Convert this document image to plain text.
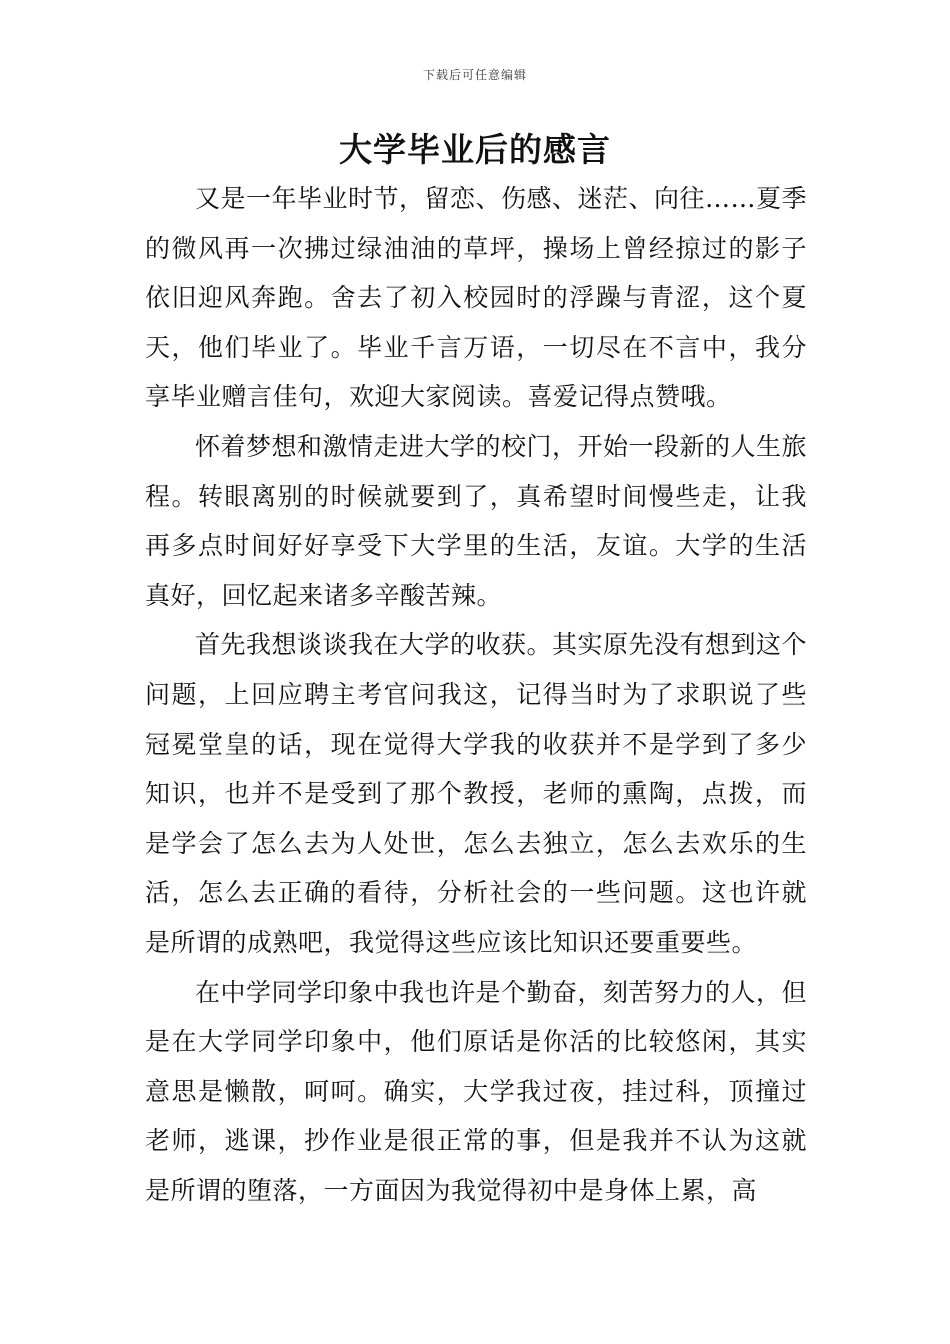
下载后可任意编辑
大学毕业后的感言

又是一年毕业时节，留恋、伤感、迷茫、向往……夏季的微风再一次拂过绿油油的草坪，操场上曾经掠过的影子依旧迎风奔跑。舍去了初入校园时的浮躁与青涩，这个夏天，他们毕业了。毕业千言万语，一切尽在不言中，我分享毕业赠言佳句，欢迎大家阅读。喜爱记得点赞哦。

怀着梦想和激情走进大学的校门，开始一段新的人生旅程。转眼离别的时候就要到了，真希望时间慢些走，让我再多点时间好好享受下大学里的生活，友谊。大学的生活真好，回忆起来诸多辛酸苦辣。

首先我想谈谈我在大学的收获。其实原先没有想到这个问题，上回应聘主考官问我这，记得当时为了求职说了些冠冕堂皇的话，现在觉得大学我的收获并不是学到了多少知识，也并不是受到了那个教授，老师的熏陶，点拨，而是学会了怎么去为人处世，怎么去独立，怎么去欢乐的生活，怎么去正确的看待，分析社会的一些问题。这也许就是所谓的成熟吧，我觉得这些应该比知识还要重要些。

在中学同学印象中我也许是个勤奋，刻苦努力的人，但是在大学同学印象中，他们原话是你活的比较悠闲，其实意思是懒散，呵呵。确实，大学我过夜，挂过科，顶撞过老师，逃课，抄作业是很正常的事，但是我并不认为这就是所谓的堕落，一方面因为我觉得初中是身体上累，高
